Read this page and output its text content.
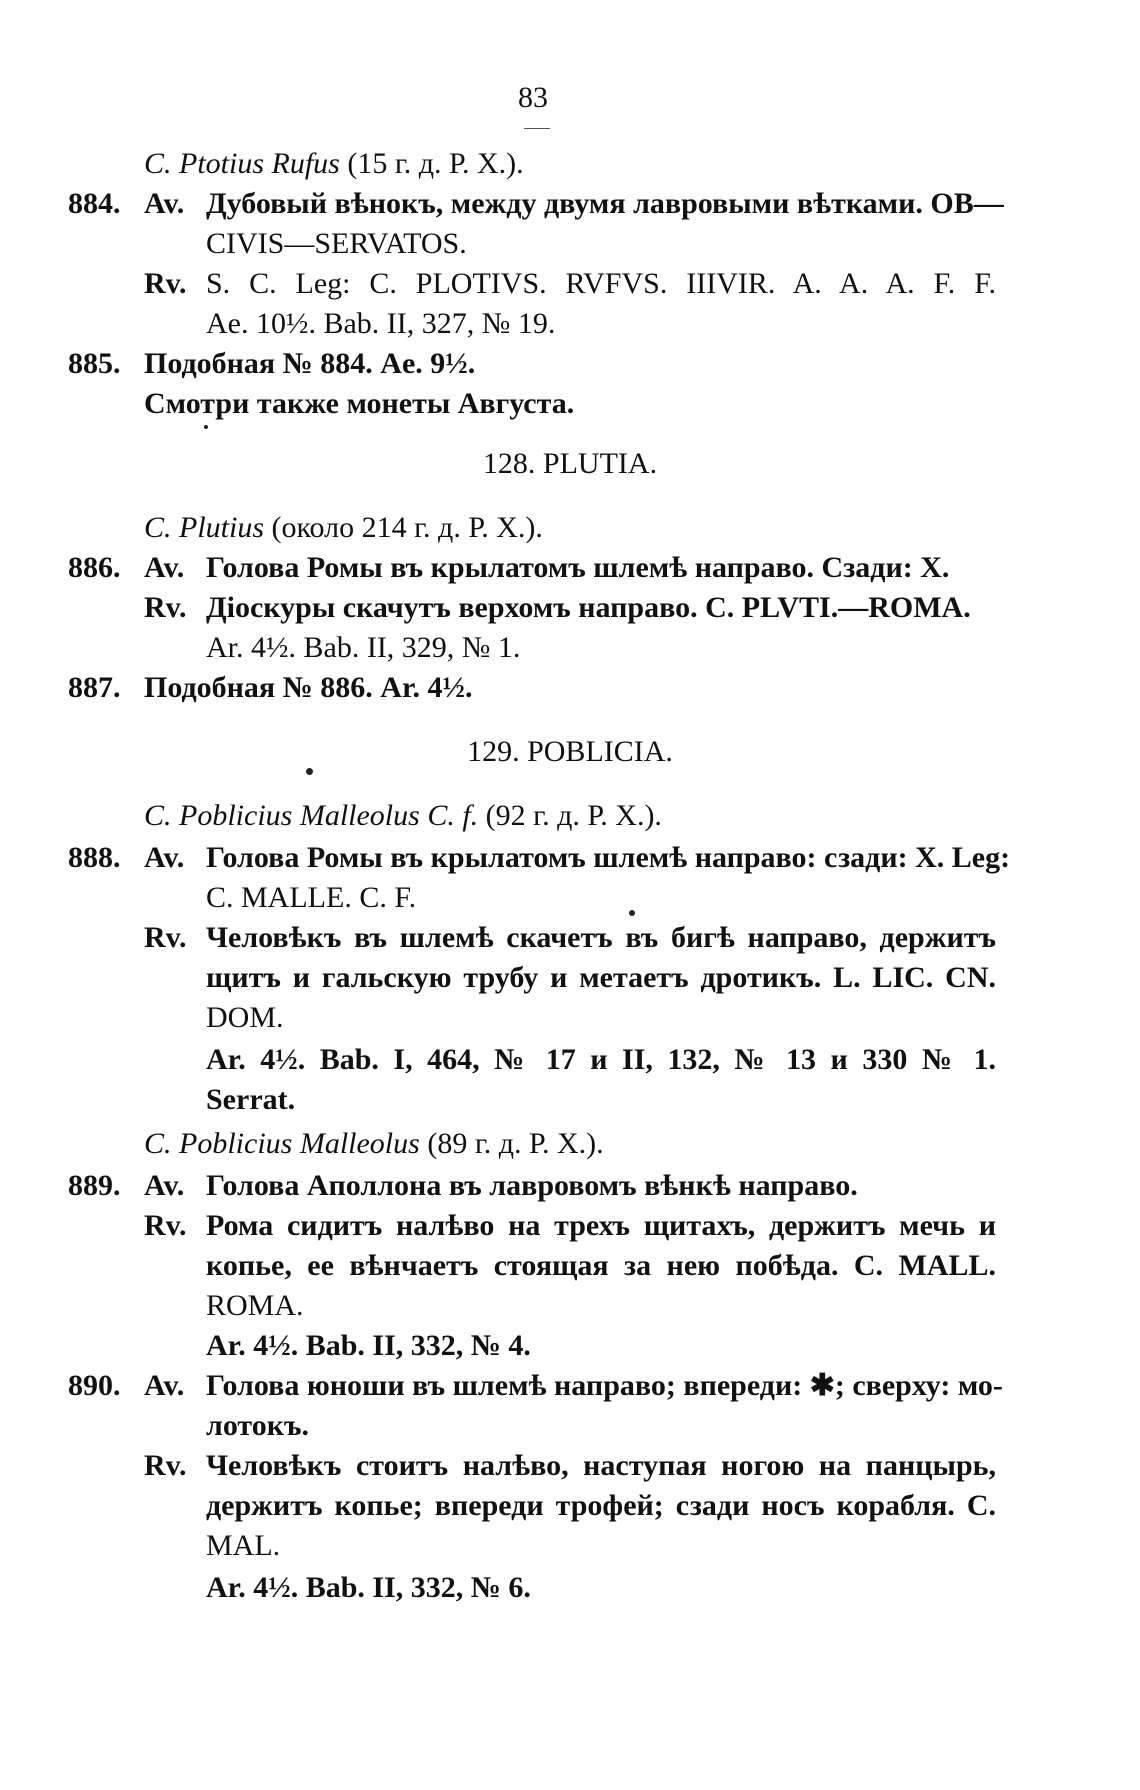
83
C. Ptotius Rufus (15 г. д. Р. X.).
884. Av. Дубовый вѣнокъ, между двумя лавровыми вѣтками. OB—
CIVIS—SERVATOS.
Rv. S. C. Leg: C. PLOTIVS. RVFVS. IIIVIR. A. A. A. F. F.
Ae. 10½. Bab. II, 327, № 19.
885. Подобная № 884. Ae. 9½.
Смотри также монеты Августа.
128. PLUTIA.
C. Plutius (около 214 г. д. Р. X.).
886. Av. Голова Ромы въ крылатомъ шлемѣ направо. Сзади: X.
Rv. Діоскуры скачутъ верхомъ направо. C. PLVTI.—ROMA.
Ar. 4½. Bab. II, 329, № 1.
887. Подобная № 886. Ar. 4½.
129. POBLICIA.
C. Poblicius Malleolus C. f. (92 г. д. Р. X.).
888. Av. Голова Ромы въ крылатомъ шлемѣ направо: сзади: X. Leg:
C. MALLE. C. F.
Rv. Человѣкъ въ шлемѣ скачетъ въ бигѣ направо, держитъ
щитъ и гальскую трубу и метаетъ дротикъ. L. LIC. CN.
DOM.
Ar. 4½. Bab. I, 464, № 17 и II, 132, № 13 и 330 № 1.
Serrat.
C. Poblicius Malleolus (89 г. д. Р. X.).
889. Av. Голова Аполлона въ лавровомъ вѣнкѣ направо.
Rv. Рома сидитъ налѣво на трехъ щитахъ, держитъ мечь и
копье, ее вѣнчаетъ стоящая за нею побѣда. C. MALL.
ROMA.
Ar. 4½. Bab. II, 332, № 4.
890. Av. Голова юноши въ шлемѣ направо; впереди: ✱; сверху: мо-
лотокъ.
Rv. Человѣкъ стоитъ налѣво, наступая ногою на панцырь,
держитъ копье; впереди трофей; сзади носъ корабля. C.
MAL.
Ar. 4½. Bab. II, 332, № 6.
